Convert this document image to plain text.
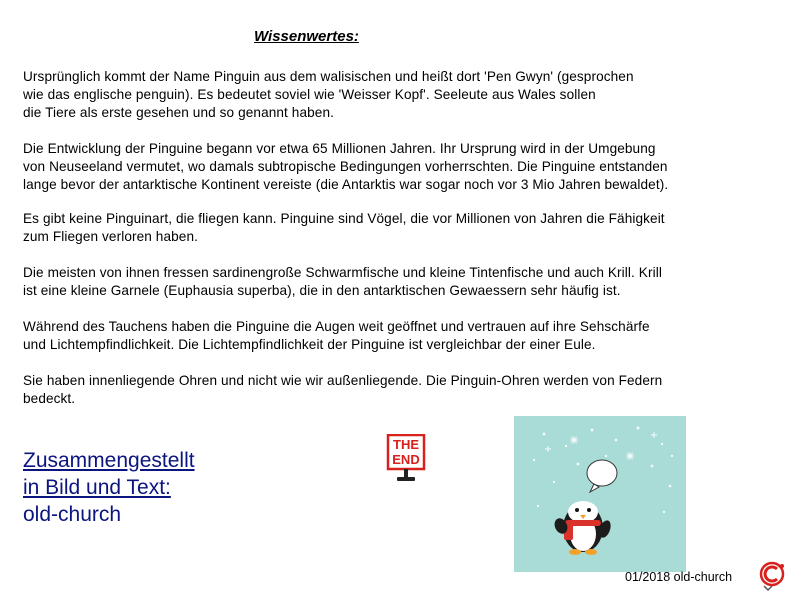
Wissenwertes:
Ursprünglich kommt der Name Pinguin aus dem walisischen und heißt dort 'Pen Gwyn' (gesprochen
wie das englische penguin). Es bedeutet soviel wie 'Weisser Kopf'. Seeleute aus Wales sollen
die Tiere als erste gesehen und so genannt haben.
Die Entwicklung der Pinguine begann vor etwa 65 Millionen Jahren. Ihr Ursprung wird in der Umgebung
von Neuseeland vermutet, wo damals subtropische Bedingungen vorherrschten. Die Pinguine entstanden
lange bevor der antarktische Kontinent vereiste (die Antarktis war sogar noch vor 3 Mio Jahren bewaldet).
Es gibt keine Pinguinart, die fliegen kann. Pinguine sind Vögel, die vor Millionen von Jahren die Fähigkeit
zum Fliegen verloren haben.
Die meisten von ihnen fressen sardinengroße Schwarmfische und kleine Tintenfische und auch Krill. Krill
ist eine kleine Garnele (Euphausia superba), die in den antarktischen Gewaessern sehr häufig ist.
Während des Tauchens haben die Pinguine die Augen weit geöffnet und vertrauen auf ihre Sehschärfe
und Lichtempfindlichkeit. Die Lichtempfindlichkeit der Pinguine ist vergleichbar der einer Eule.
Sie haben innenliegende Ohren und nicht wie wir außenliegende. Die Pinguin-Ohren werden von Federn
bedeckt.
Zusammengestellt
in Bild und Text:
old-church
THE
END
01/2018 old-church
